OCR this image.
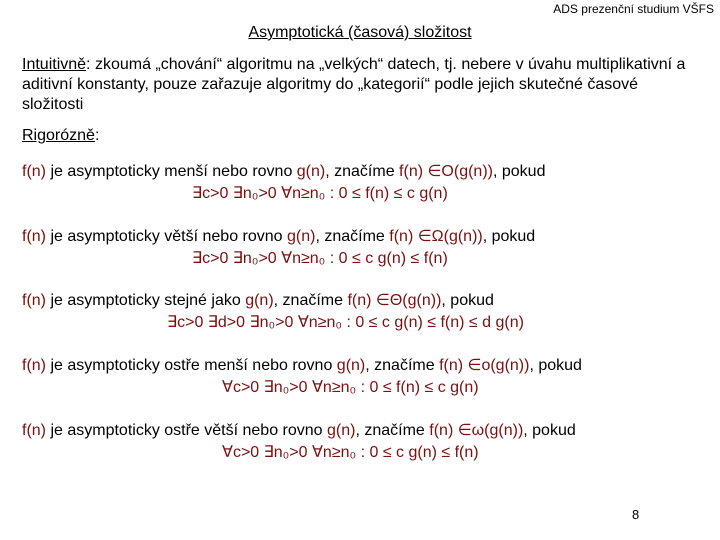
ADS prezenční studium VŠFS
Asymptotická (časová) složitost
Intuitivně: zkoumá „chování“ algoritmu na „velkých“ datech, tj. nebere v úvahu multiplikativní a aditivní konstanty, pouze zařazuje algoritmy do „kategorií“ podle jejich skutečné časové složitosti
Rigorózně:
f(n) je asymptoticky menší nebo rovno g(n), značíme f(n) ∈O(g(n)), pokud
∃c>0 ∃n₀>0 ∀n≥n₀ : 0 ≤ f(n) ≤ c g(n)
f(n) je asymptoticky větší nebo rovno g(n), značíme f(n) ∈Ω(g(n)), pokud
∃c>0 ∃n₀>0 ∀n≥n₀ : 0 ≤ c g(n) ≤ f(n)
f(n) je asymptoticky stejné jako g(n), značíme f(n) ∈Θ(g(n)), pokud
∃c>0 ∃d>0 ∃n₀>0 ∀n≥n₀ : 0 ≤ c g(n) ≤ f(n) ≤ d g(n)
f(n) je asymptoticky ostře menší nebo rovno g(n), značíme f(n) ∈o(g(n)), pokud
∀c>0 ∃n₀>0 ∀n≥n₀ : 0 ≤ f(n) ≤ c g(n)
f(n) je asymptoticky ostře větší nebo rovno g(n), značíme f(n) ∈ω(g(n)), pokud
∀c>0 ∃n₀>0 ∀n≥n₀ : 0 ≤ c g(n) ≤ f(n)
8
